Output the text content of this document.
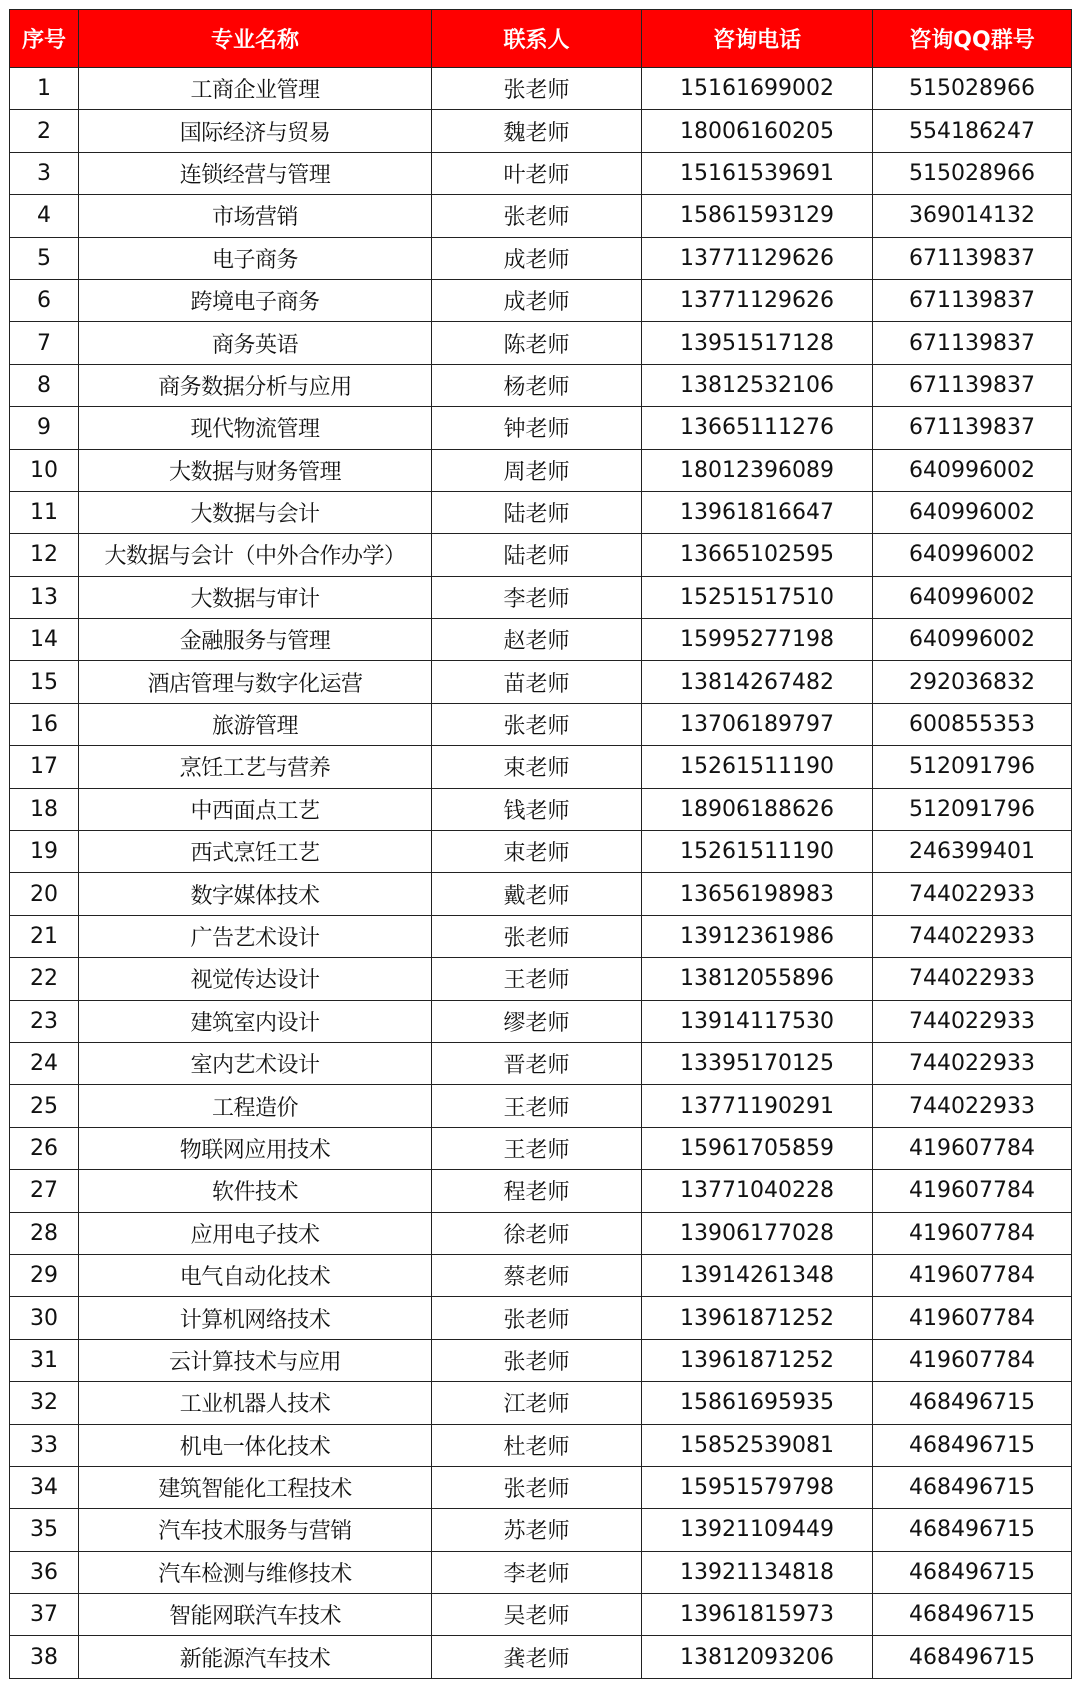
序号	专业名称	联系人	咨询电话	咨询QQ群号
1	工商企业管理	张老师	15161699002	515028966
2	国际经济与贸易	魏老师	18006160205	554186247
3	连锁经营与管理	叶老师	15161539691	515028966
4	市场营销	张老师	15861593129	369014132
5	电子商务	成老师	13771129626	671139837
6	跨境电子商务	成老师	13771129626	671139837
7	商务英语	陈老师	13951517128	671139837
8	商务数据分析与应用	杨老师	13812532106	671139837
9	现代物流管理	钟老师	13665111276	671139837
10	大数据与财务管理	周老师	18012396089	640996002
11	大数据与会计	陆老师	13961816647	640996002
12	大数据与会计（中外合作办学）	陆老师	13665102595	640996002
13	大数据与审计	李老师	15251517510	640996002
14	金融服务与管理	赵老师	15995277198	640996002
15	酒店管理与数字化运营	苗老师	13814267482	292036832
16	旅游管理	张老师	13706189797	600855353
17	烹饪工艺与营养	束老师	15261511190	512091796
18	中西面点工艺	钱老师	18906188626	512091796
19	西式烹饪工艺	束老师	15261511190	246399401
20	数字媒体技术	戴老师	13656198983	744022933
21	广告艺术设计	张老师	13912361986	744022933
22	视觉传达设计	王老师	13812055896	744022933
23	建筑室内设计	缪老师	13914117530	744022933
24	室内艺术设计	晋老师	13395170125	744022933
25	工程造价	王老师	13771190291	744022933
26	物联网应用技术	王老师	15961705859	419607784
27	软件技术	程老师	13771040228	419607784
28	应用电子技术	徐老师	13906177028	419607784
29	电气自动化技术	蔡老师	13914261348	419607784
30	计算机网络技术	张老师	13961871252	419607784
31	云计算技术与应用	张老师	13961871252	419607784
32	工业机器人技术	江老师	15861695935	468496715
33	机电一体化技术	杜老师	15852539081	468496715
34	建筑智能化工程技术	张老师	15951579798	468496715
35	汽车技术服务与营销	苏老师	13921109449	468496715
36	汽车检测与维修技术	李老师	13921134818	468496715
37	智能网联汽车技术	吴老师	13961815973	468496715
38	新能源汽车技术	龚老师	13812093206	468496715
